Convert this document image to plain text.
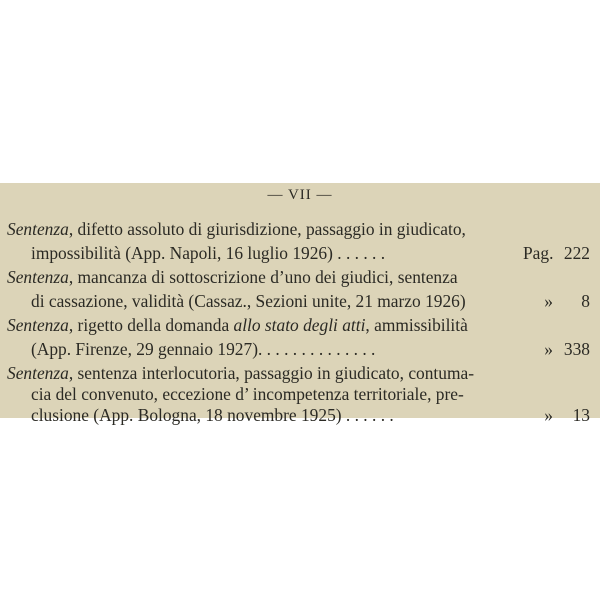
— VII —
Sentenza, difetto assoluto di giurisdizione, passaggio in giudicato,
impossibilità (App. Napoli, 16 luglio 1926) . . . . . .	Pag. 222
Sentenza, mancanza di sottoscrizione d’uno dei giudici, sentenza
di cassazione, validità (Cassaz., Sezioni unite, 21 marzo 1926)	»	8
Sentenza, rigetto della domanda allo stato degli atti, ammissibilità
(App. Firenze, 29 gennaio 1927). . . . . . . . . . . . . .	» 338
Sentenza, sentenza interlocutoria, passaggio in giudicato, contuma-
cia del convenuto, eccezione d’ incompetenza territoriale, pre-
clusione (App. Bologna, 18 novembre 1925) . . . . . .	»	13
